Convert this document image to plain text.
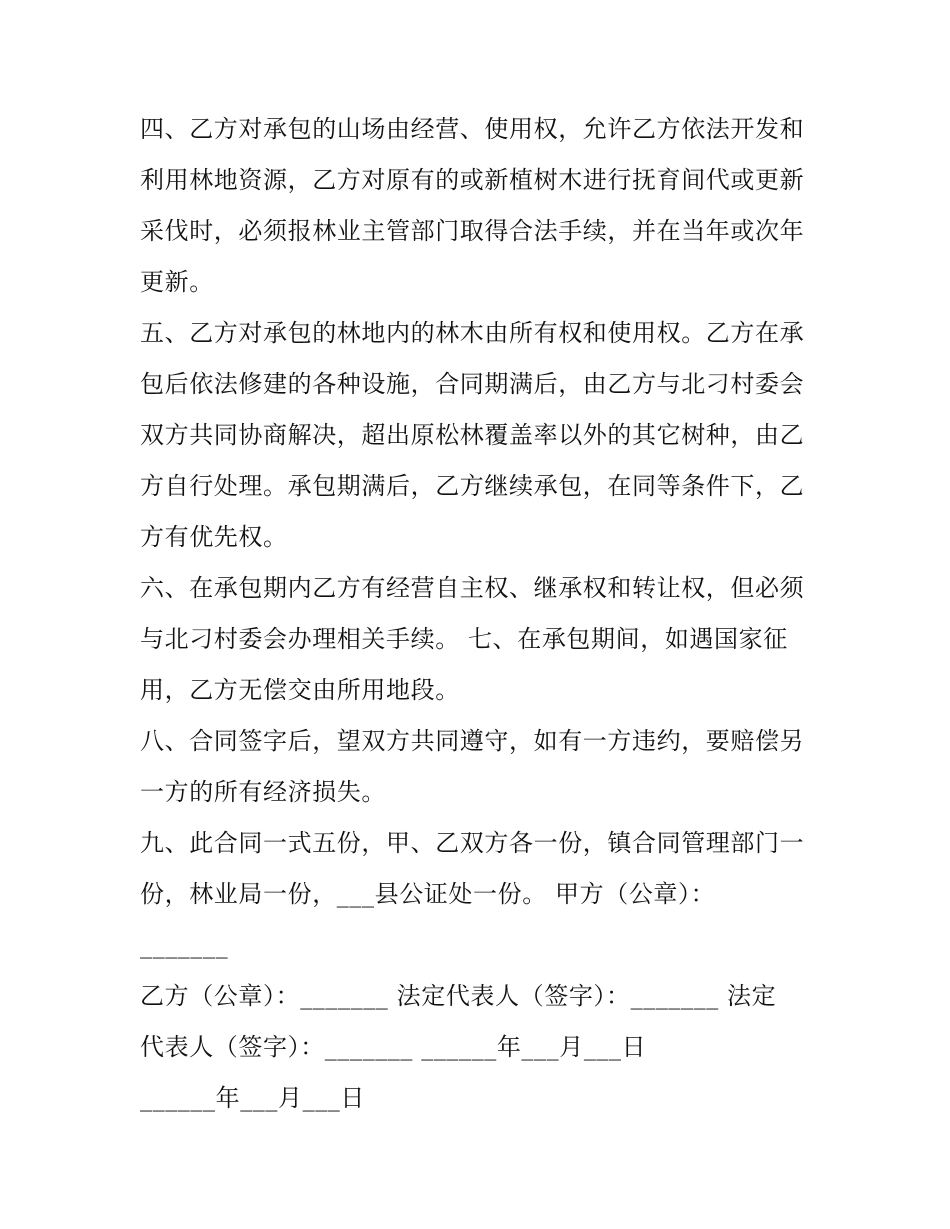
四、乙方对承包的山场由经营、使用权，允许乙方依法开发和
利用林地资源，乙方对原有的或新植树木进行抚育间代或更新
采伐时，必须报林业主管部门取得合法手续，并在当年或次年
更新。
五、乙方对承包的林地内的林木由所有权和使用权。乙方在承
包后依法修建的各种设施，合同期满后，由乙方与北刁村委会
双方共同协商解决，超出原松林覆盖率以外的其它树种，由乙
方自行处理。承包期满后，乙方继续承包，在同等条件下，乙
方有优先权。
六、在承包期内乙方有经营自主权、继承权和转让权，但必须
与北刁村委会办理相关手续。 七、在承包期间，如遇国家征
用，乙方无偿交由所用地段。
八、合同签字后，望双方共同遵守，如有一方违约，要赔偿另
一方的所有经济损失。
九、此合同一式五份，甲、乙双方各一份，镇合同管理部门一
份，林业局一份，___县公证处一份。 甲方（公章）：
_______
乙方（公章）：_______ 法定代表人（签字）：_______ 法定
代表人（签字）：_______ ______年___月___日
______年___月___日
